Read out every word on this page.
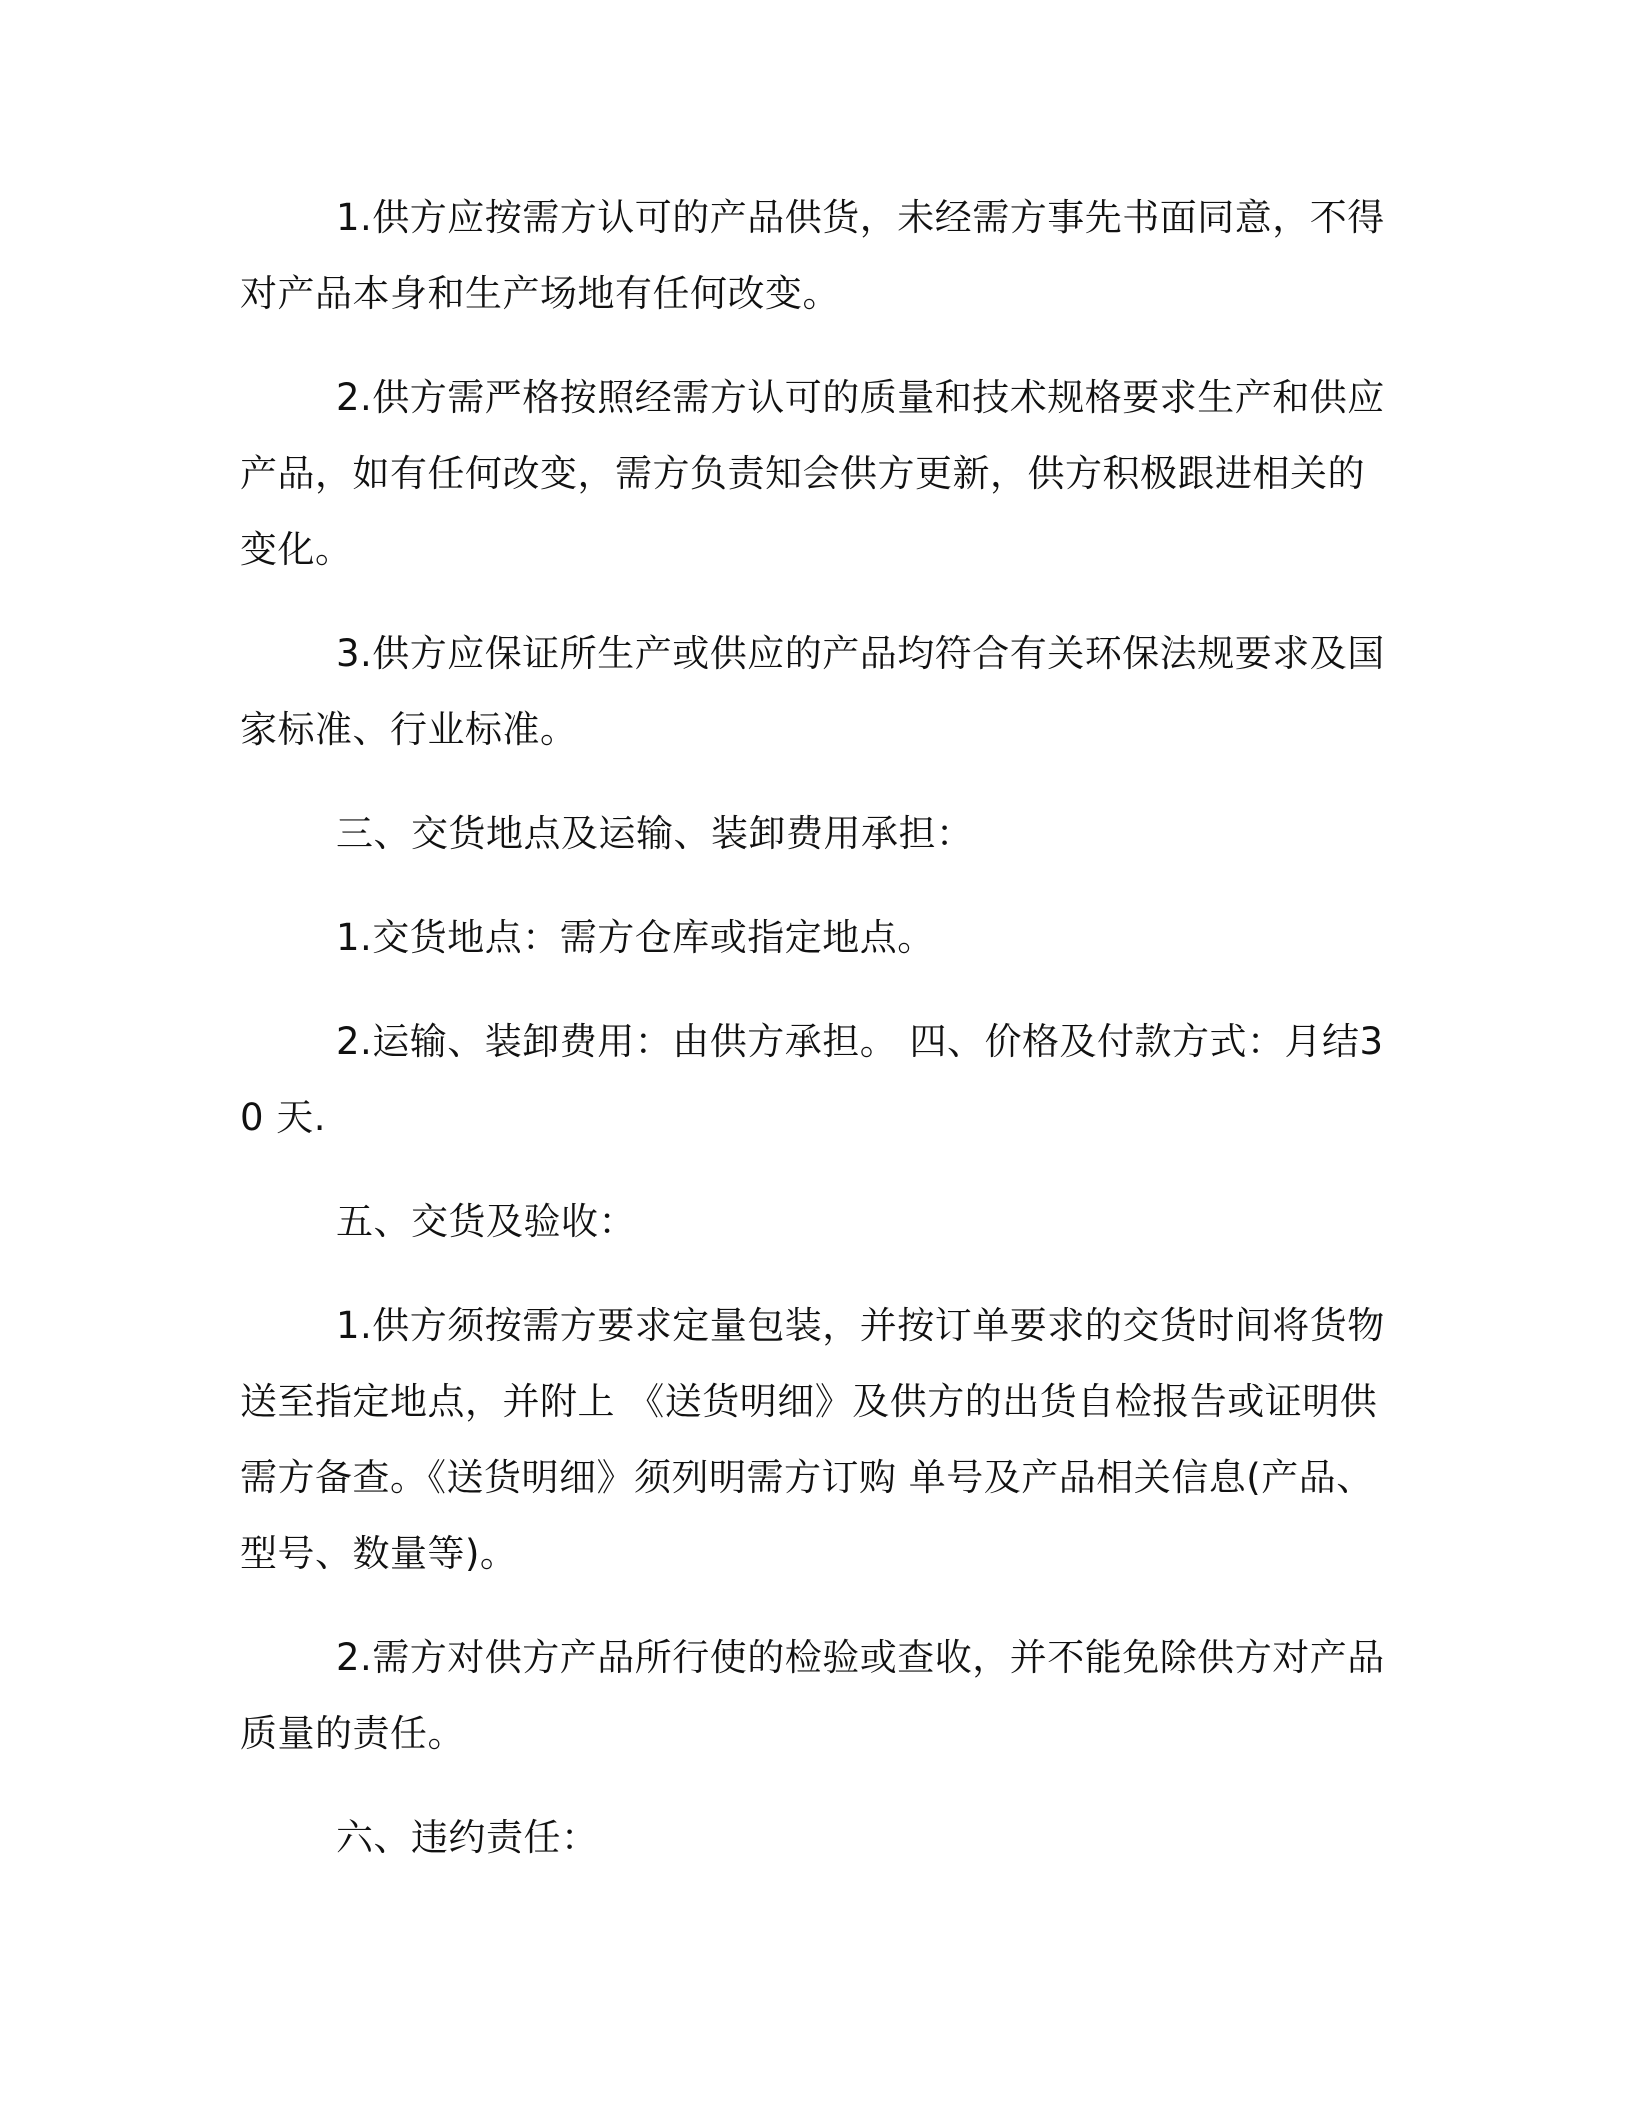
1.供方应按需方认可的产品供货，未经需方事先书面同意，不得对产品本身和生产场地有任何改变。

2.供方需严格按照经需方认可的质量和技术规格要求生产和供应产品，如有任何改变，需方负责知会供方更新，供方积极跟进相关的变化。

3.供方应保证所生产或供应的产品均符合有关环保法规要求及国家标准、行业标准。

三、交货地点及运输、装卸费用承担：

1.交货地点：需方仓库或指定地点。

2.运输、装卸费用：由供方承担。 四、价格及付款方式：月结30 天.

五、交货及验收：

1.供方须按需方要求定量包装，并按订单要求的交货时间将货物送至指定地点，并附上 《送货明细》及供方的出货自检报告或证明供需方备查。《送货明细》须列明需方订购 单号及产品相关信息(产品、型号、数量等)。

2.需方对供方产品所行使的检验或查收，并不能免除供方对产品质量的责任。

六、违约责任：
